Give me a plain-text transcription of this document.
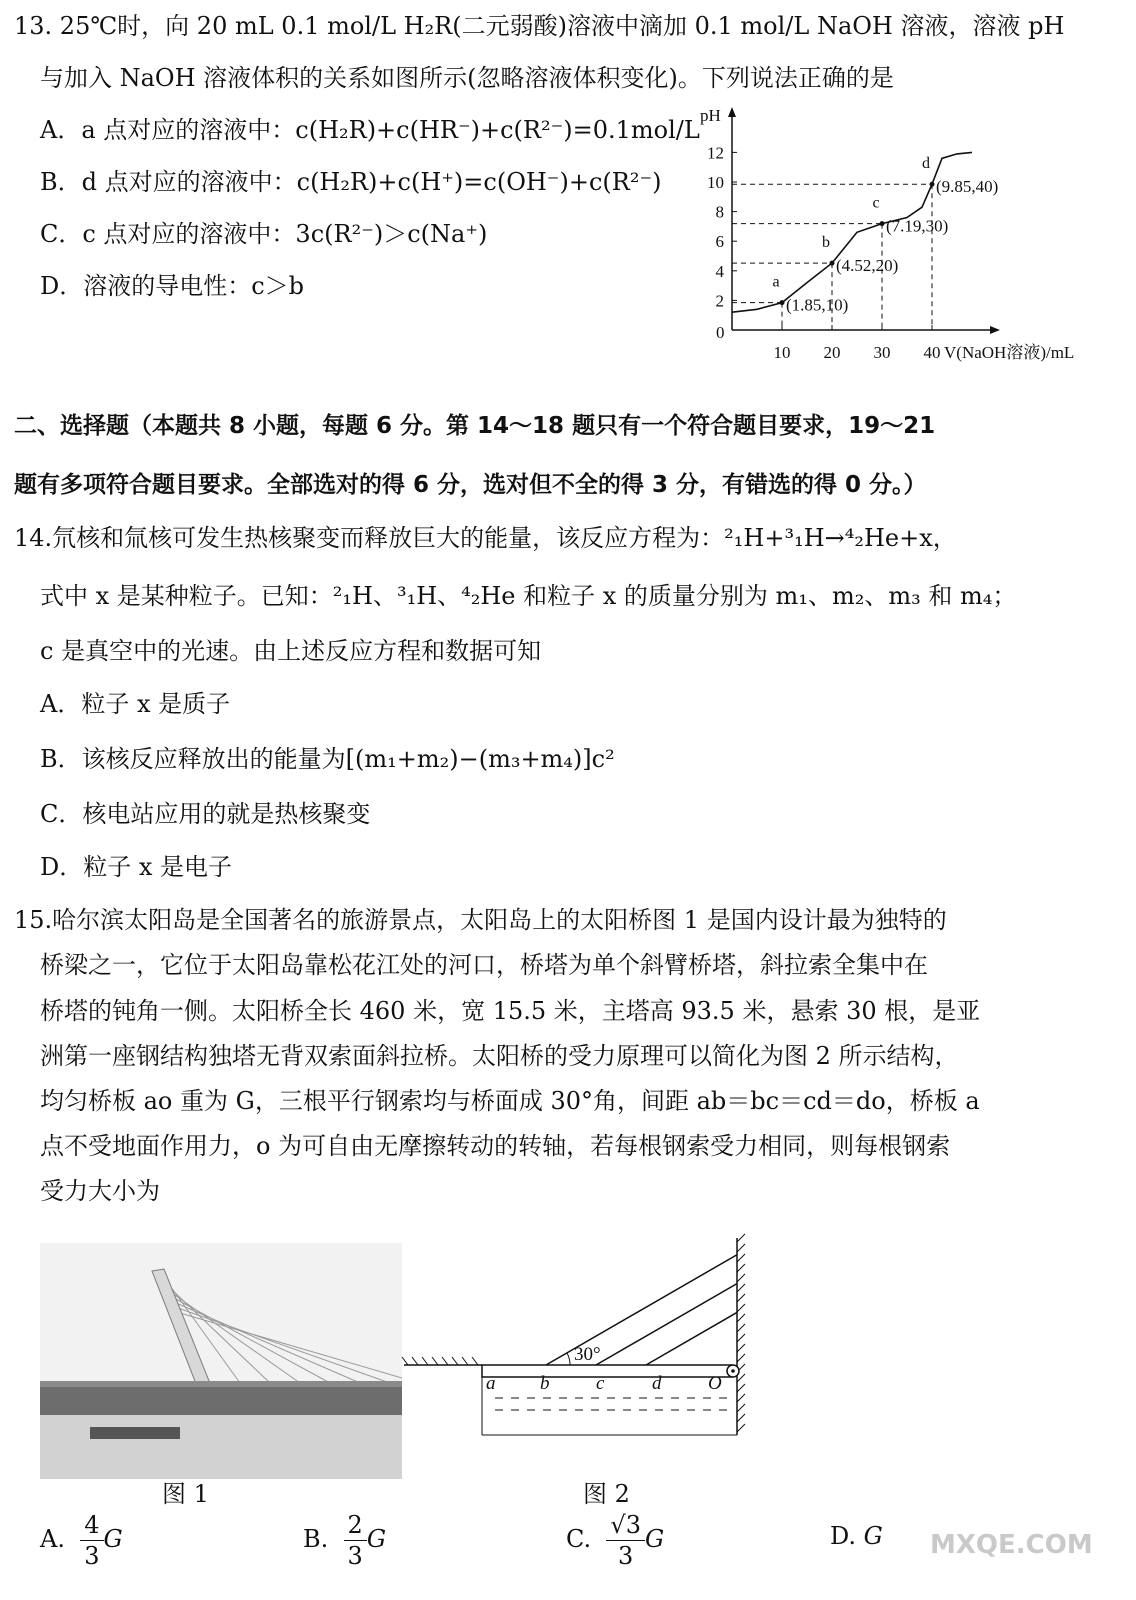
13. 25℃时，向 20 mL 0.1 mol/L H₂R(二元弱酸)溶液中滴加 0.1 mol/L NaOH 溶液，溶液 pH
与加入 NaOH 溶液体积的关系如图所示(忽略溶液体积变化)。下列说法正确的是
A．a 点对应的溶液中：c(H₂R)+c(HR⁻)+c(R²⁻)=0.1mol/L
B．d 点对应的溶液中：c(H₂R)+c(H⁺)=c(OH⁻)+c(R²⁻)
C．c 点对应的溶液中：3c(R²⁻)＞c(Na⁺)
D．溶液的导电性：c＞b
pH
V(NaOH溶液)/mL
0
10 20 30 40
2
4
6
8
10
12
a
(1.85,10)
b
(4.52,20)
c
(7.19,30)
d
(9.85,40)
二、选择题（本题共 8 小题，每题 6 分。第 14～18 题只有一个符合题目要求，19～21
题有多项符合题目要求。全部选对的得 6 分，选对但不全的得 3 分，有错选的得 0 分。）
14.氘核和氚核可发生热核聚变而释放巨大的能量，该反应方程为：²₁H+³₁H→⁴₂He+x，
式中 x 是某种粒子。已知：²₁H、³₁H、⁴₂He 和粒子 x 的质量分别为 m₁、m₂、m₃ 和 m₄；
c 是真空中的光速。由上述反应方程和数据可知
A．粒子 x 是质子
B．该核反应释放出的能量为[(m₁+m₂)−(m₃+m₄)]c²
C．核电站应用的就是热核聚变
D．粒子 x 是电子
15.哈尔滨太阳岛是全国著名的旅游景点，太阳岛上的太阳桥图 1 是国内设计最为独特的
桥梁之一，它位于太阳岛靠松花江处的河口，桥塔为单个斜臂桥塔，斜拉索全集中在
桥塔的钝角一侧。太阳桥全长 460 米，宽 15.5 米，主塔高 93.5 米，悬索 30 根，是亚
洲第一座钢结构独塔无背双索面斜拉桥。太阳桥的受力原理可以简化为图 2 所示结构，
均匀桥板 ao 重为 G，三根平行钢索均与桥面成 30°角，间距 ab＝bc＝cd＝do，桥板 a
点不受地面作用力，o 为可自由无摩擦转动的转轴，若每根钢索受力相同，则每根钢索
受力大小为
30°
a b c	d O
图 1	图 2
A. $\frac{4}{3}$ G	B. $\frac{2}{3}$ G	C. $\frac{√3}{3}$ G	D. G MXQE.COM
